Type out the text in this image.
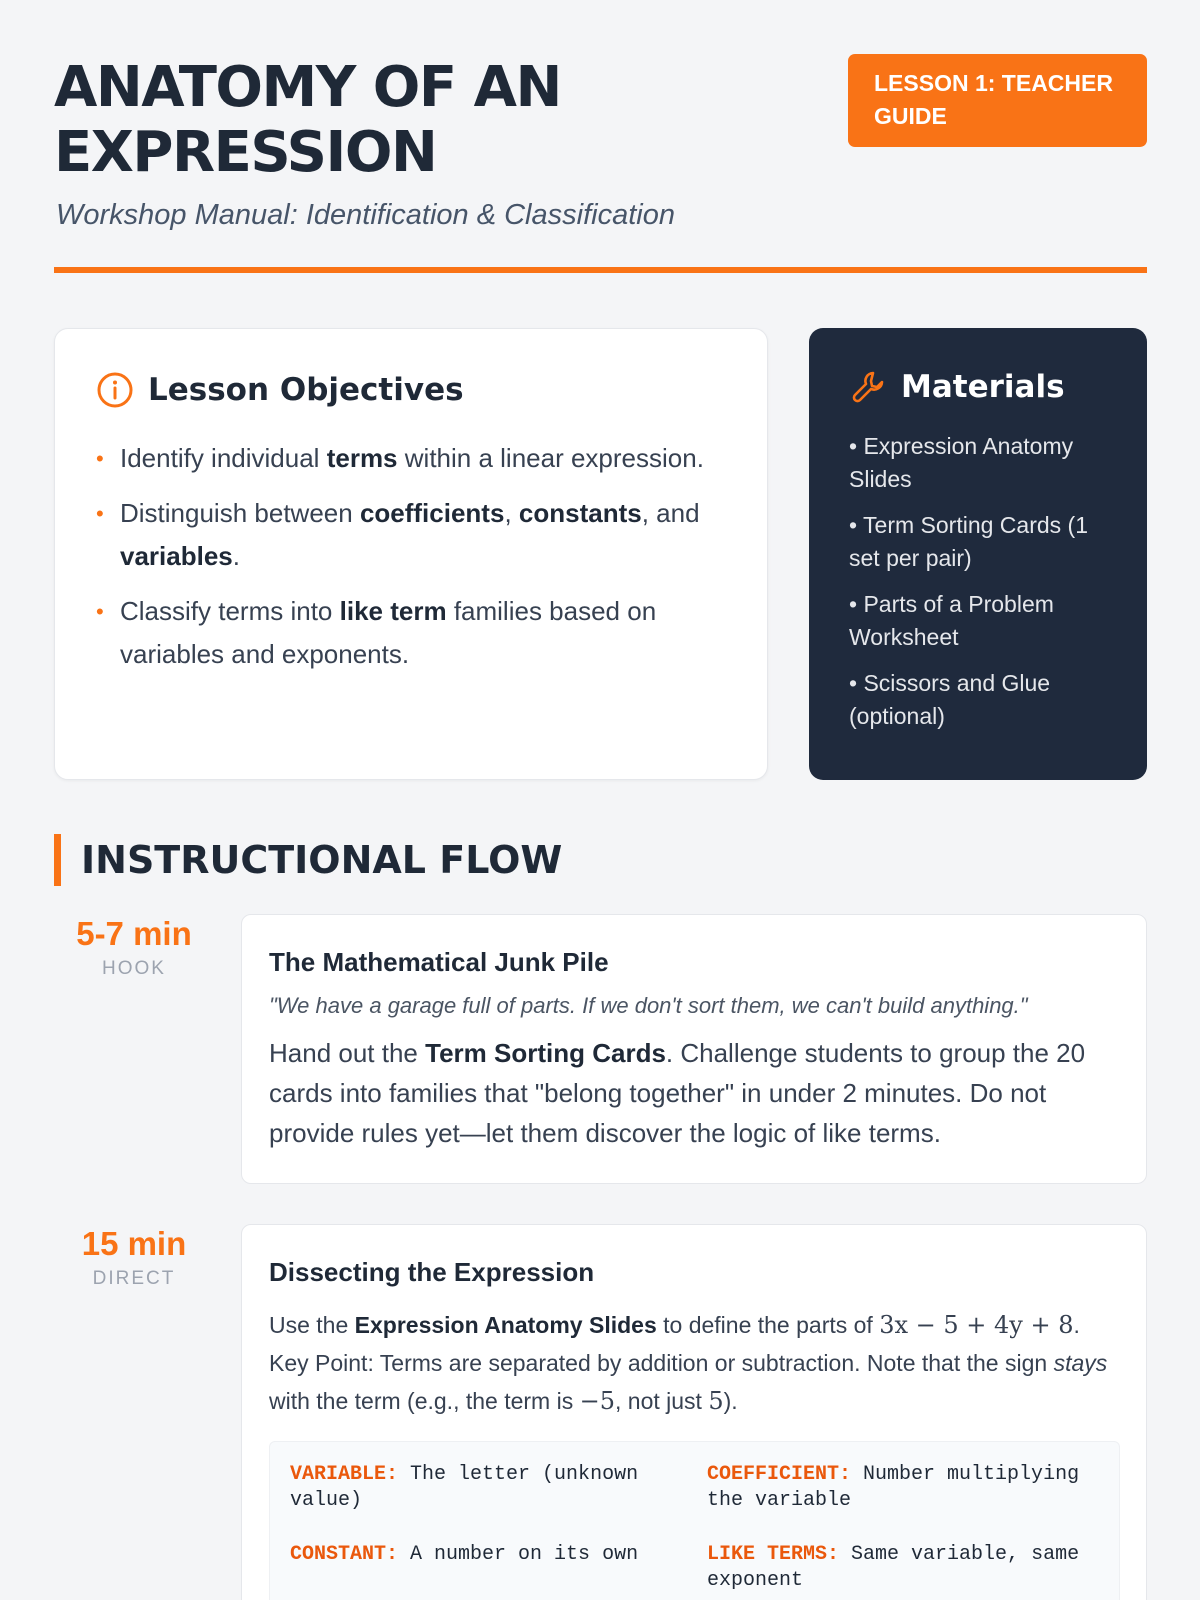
ANATOMY OF AN EXPRESSION
Workshop Manual: Identification & Classification
LESSON 1: TEACHER GUIDE
Lesson Objectives
• Identify individual terms within a linear expression.
• Distinguish between coefficients, constants, and variables.
• Classify terms into like term families based on variables and exponents.
Materials
• Expression Anatomy Slides
• Term Sorting Cards (1 set per pair)
• Parts of a Problem Worksheet
• Scissors and Glue (optional)
INSTRUCTIONAL FLOW
5-7 min
HOOK	The Mathematical Junk Pile
"We have a garage full of parts. If we don't sort them, we can't build anything."
Hand out the Term Sorting Cards. Challenge students to group the 20 cards into families that "belong together" in under 2 minutes. Do not provide rules yet—let them discover the logic of like terms.
15 min
DIRECT	Dissecting the Expression
Use the Expression Anatomy Slides to define the parts of 3x − 5 + 4y + 8. Key Point: Terms are separated by addition or subtraction. Note that the sign stays with the term (e.g., the term is −5, not just 5).
VARIABLE: The letter (unknown value)
COEFFICIENT: Number multiplying the variable
CONSTANT: A number on its own	LIKE TERMS: Same variable, same exponent
